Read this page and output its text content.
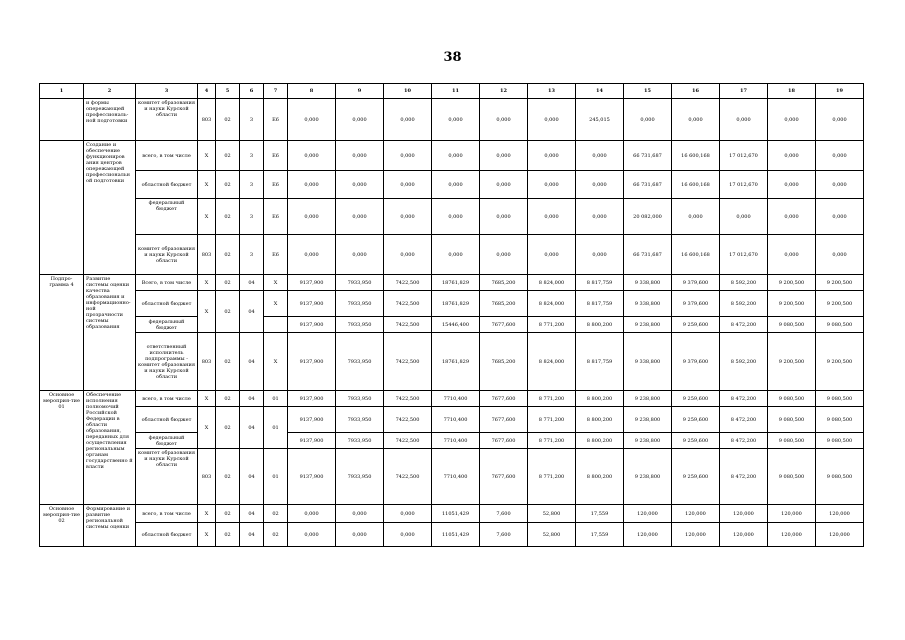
38
1	2	3	4	5	6	7	8	9	10	11	12	13	14	15	16	17	18	19
	и формы опережающей профессиональ-ной подготовки	комитет образования и науки Курской области	803	02	3	Е6	0,000	0,000	0,000	0,000	0,000	0,000	245,015	0,000	0,000	0,000	0,000	0,000
	Создание и обеспечение функциониров ания центров опережающей профессиональн ой подготовки	всего, в том числе	Х	02	3	Е6	0,000	0,000	0,000	0,000	0,000	0,000	0,000	66 731,687	16 600,168	17 012,670	0,000	0,000
		областной бюджет	Х	02	3	Е6	0,000	0,000	0,000	0,000	0,000	0,000	0,000	66 731,687	16 600,168	17 012,670	0,000	0,000
		федеральный бюджет	Х	02	3	Е6	0,000	0,000	0,000	0,000	0,000	0,000	0,000	20 082,000	0,000	0,000	0,000	0,000
		комитет образования и науки Курской области	803	02	3	Е6	0,000	0,000	0,000	0,000	0,000	0,000	0,000	66 731,687	16 600,168	17 012,670	0,000	0,000
Подпро-грамма 4	Развитие системы оценки качества образования и информационно-ной прозрачности системы образования	Всего, в том числе	Х	02	04	Х	9137,900	7933,950	7422,500	18761,829	7685,200	8 824,000	8 817,759	9 338,800	9 379,600	8 592,200	9 200,500	9 200,500
		областной бюджет	Х	02	04	Х	9137,900	7933,950	7422,500	18761,829	7685,200	8 824,000	8 817,759	9 338,800	9 379,600	8 592,200	9 200,500	9 200,500
		федеральный бюджет					9137,900	7933,950	7422,500	15446,400	7677,600	8 771,200	8 800,200	9 238,800	9 259,600	8 472,200	9 080,500	9 080,500
		ответственный исполнитель подпрограммы - комитет образования и науки Курской области	803	02	04	Х	9137,900	7933,950	7422,500	18761,829	7685,200	8 824,000	8 817,759	9 338,800	9 379,600	8 592,200	9 200,500	9 200,500
Основное мероприя-тие 01	Обеспечение исполнения полномочий Российской Федерации в области образования, переданных для осуществления региональным органам государственно й власти	всего, в том числе	Х	02	04	01	9137,900	7933,950	7422,500	7710,400	7677,600	8 771,200	8 800,200	9 238,800	9 259,600	8 472,200	9 080,500	9 080,500
		областной бюджет	Х	02	04	01	9137,900	7933,950	7422,500	7710,400	7677,600	8 771,200	8 800,200	9 238,800	9 259,600	8 472,200	9 080,500	9 080,500
		федеральный бюджет					9137,900	7933,950	7422,500	7710,400	7677,600	8 771,200	8 800,200	9 238,800	9 259,600	8 472,200	9 080,500	9 080,500
		комитет образования и науки Курской области	803	02	04	01	9137,900	7933,950	7422,500	7710,400	7677,600	8 771,200	8 800,200	9 238,800	9 259,600	8 472,200	9 080,500	9 080,500
Основное мероприя-тие 02	Формирование и развитие региональной системы оценки	всего, в том числе	Х	02	04	02	0,000	0,000	0,000	11051,429	7,600	52,800	17,559	120,000	120,000	120,000	120,000	120,000
		областной бюджет	Х	02	04	02	0,000	0,000	0,000	11051,429	7,600	52,800	17,559	120,000	120,000	120,000	120,000	120,000
